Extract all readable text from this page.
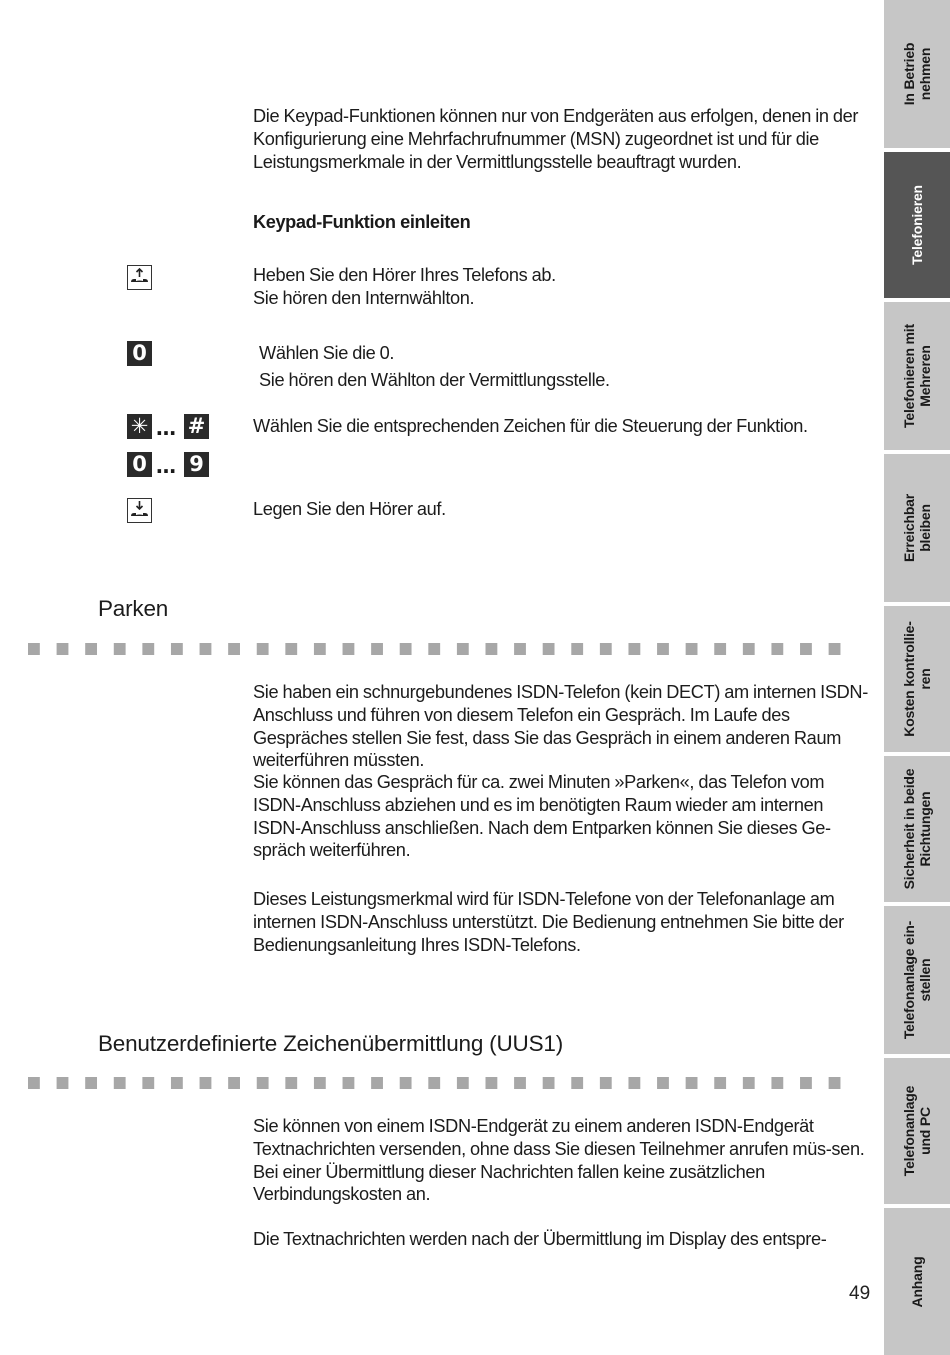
Die Keypad-Funktionen können nur von Endgeräten aus erfolgen, denen in der Konfigurierung eine Mehrfachrufnummer (MSN) zugeordnet ist und für die Leistungsmerkmale in der Vermittlungsstelle beauftragt wurden.
Keypad-Funktion einleiten
Heben Sie den Hörer Ihres Telefons ab.
Sie hören den Internwählton.
0	Wählen Sie die 0.
Sie hören den Wählton der Vermittlungsstelle.
✳ … #
0 … 9
Wählen Sie die entsprechenden Zeichen für die Steuerung der Funktion.
Legen Sie den Hörer auf.
Parken
Sie haben ein schnurgebundenes ISDN-Telefon (kein DECT) am internen ISDN-Anschluss und führen von diesem Telefon ein Gespräch. Im Laufe des Gespräches stellen Sie fest, dass Sie das Gespräch in einem anderen Raum weiterführen müssten.
Sie können das Gespräch für ca. zwei Minuten »Parken«, das Telefon vom ISDN-Anschluss abziehen und es im benötigten Raum wieder am internen ISDN-Anschluss anschließen. Nach dem Entparken können Sie dieses Ge-spräch weiterführen.
Dieses Leistungsmerkmal wird für ISDN-Telefone von der Telefonanlage am internen ISDN-Anschluss unterstützt. Die Bedienung entnehmen Sie bitte der Bedienungsanleitung Ihres ISDN-Telefons.
Benutzerdefinierte Zeichenübermittlung (UUS1)
Sie können von einem ISDN-Endgerät zu einem anderen ISDN-Endgerät Textnachrichten versenden, ohne dass Sie diesen Teilnehmer anrufen müs-sen. Bei einer Übermittlung dieser Nachrichten fallen keine zusätzlichen Verbindungskosten an.
Die Textnachrichten werden nach der Übermittlung im Display des entspre-
49
In Betrieb
nehmen
Telefonieren
Telefonieren mit
Mehreren
Erreichbar
bleiben
Kosten kontrollie-
ren
Sicherheit in beide
Richtungen
Telefonanlage ein-
stellen
Telefonanlage
und PC
Anhang
